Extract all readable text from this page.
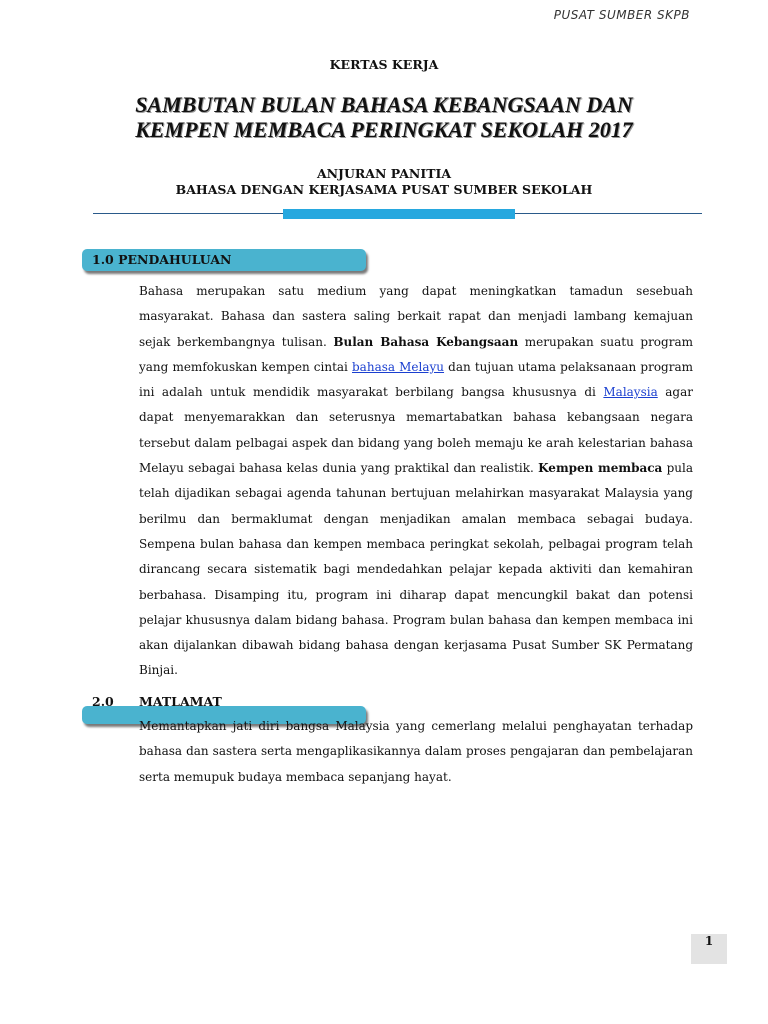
PUSAT SUMBER SKPB
KERTAS KERJA
SAMBUTAN BULAN BAHASA KEBANGSAAN DAN
KEMPEN MEMBACA PERINGKAT SEKOLAH 2017
ANJURAN PANITIA
BAHASA DENGAN KERJASAMA PUSAT SUMBER SEKOLAH
1.0 PENDAHULUAN

Bahasa merupakan satu medium yang dapat meningkatkan tamadun sesebuah masyarakat. Bahasa dan sastera saling berkait rapat dan menjadi lambang kemajuan sejak berkembangnya tulisan. Bulan Bahasa Kebangsaan merupakan suatu program yang memfokuskan kempen cintai bahasa Melayu dan tujuan utama pelaksanaan program ini adalah untuk mendidik masyarakat berbilang bangsa khususnya di Malaysia agar dapat menyemarakkan dan seterusnya memartabatkan bahasa kebangsaan negara tersebut dalam pelbagai aspek dan bidang yang boleh memaju ke arah kelestarian bahasa Melayu sebagai bahasa kelas dunia yang praktikal dan realistik. Kempen membaca pula telah dijadikan sebagai agenda tahunan bertujuan melahirkan masyarakat Malaysia yang berilmu dan bermaklumat dengan menjadikan amalan membaca sebagai budaya. Sempena bulan bahasa dan kempen membaca peringkat sekolah, pelbagai program telah dirancang secara sistematik bagi mendedahkan pelajar kepada aktiviti dan kemahiran berbahasa. Disamping itu, program ini diharap dapat mencungkil bakat dan potensi pelajar khususnya dalam bidang bahasa. Program bulan bahasa dan kempen membaca ini akan dijalankan dibawah bidang bahasa dengan kerjasama Pusat Sumber SK Permatang Binjai.

2.0 MATLAMAT

Memantapkan jati diri bangsa Malaysia yang cemerlang melalui penghayatan terhadap bahasa dan sastera serta mengaplikasikannya dalam proses pengajaran dan pembelajaran serta memupuk budaya membaca sepanjang hayat.

1
